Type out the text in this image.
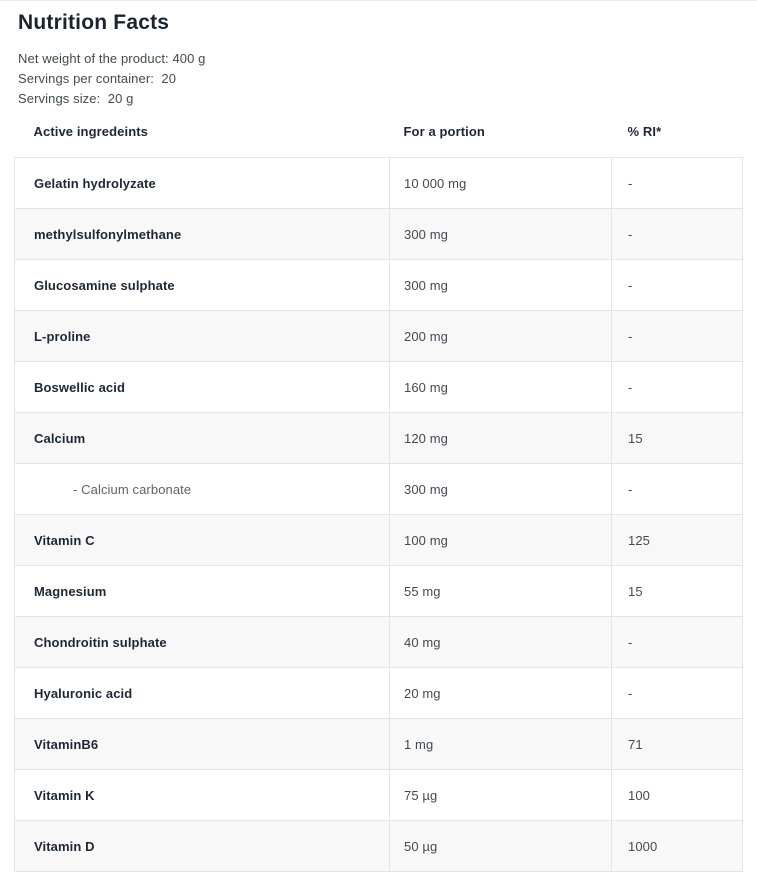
Nutrition Facts

Net weight of the product: 400 g

Servings per container:  20

Servings size:  20 g

Active ingredeints	For a portion	% RI*
Gelatin hydrolyzate	10 000 mg	-
methylsulfonylmethane	300 mg	-
Glucosamine sulphate	300 mg	-
L-proline	200 mg	-
Boswellic acid	160 mg	-
Calcium	120 mg	15
- Calcium carbonate	300 mg	-
Vitamin C	100 mg	125
Magnesium	55 mg	15
Chondroitin sulphate	40 mg	-
Hyaluronic acid	20 mg	-
VitaminB6	1 mg	71
Vitamin K	75 µg	100
Vitamin D	50 µg	1000
